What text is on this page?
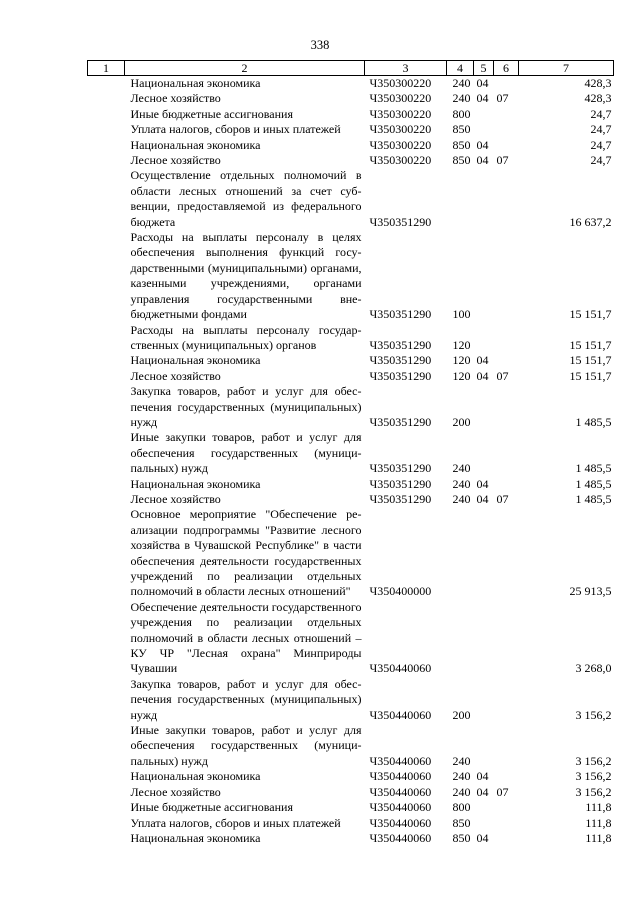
338
1	2	3	4	5	6	7
	Национальная экономика	Ч350300220	240	04		428,3
	Лесное хозяйство	Ч350300220	240	04	07	428,3
	Иные бюджетные ассигнования	Ч350300220	800			24,7
	Уплата налогов, сборов и иных платежей	Ч350300220	850			24,7
	Национальная экономика	Ч350300220	850	04		24,7
	Лесное хозяйство	Ч350300220	850	04	07	24,7
	Осуществление отдельных полномочий в области лесных отношений за счет субвенции, предоставляемой из федерального бюджета	Ч350351290				16 637,2
	Расходы на выплаты персоналу в целях обеспечения выполнения функций государственными (муниципальными) органами, казенными учреждениями, органами управления государственными внебюджетными фондами	Ч350351290	100			15 151,7
	Расходы на выплаты персоналу государственных (муниципальных) органов	Ч350351290	120			15 151,7
	Национальная экономика	Ч350351290	120	04		15 151,7
	Лесное хозяйство	Ч350351290	120	04	07	15 151,7
	Закупка товаров, работ и услуг для обеспечения государственных (муниципальных) нужд	Ч350351290	200			1 485,5
	Иные закупки товаров, работ и услуг для обеспечения государственных (муниципальных) нужд	Ч350351290	240			1 485,5
	Национальная экономика	Ч350351290	240	04		1 485,5
	Лесное хозяйство	Ч350351290	240	04	07	1 485,5
	Основное мероприятие "Обеспечение реализации подпрограммы "Развитие лесного хозяйства в Чувашской Республике" в части обеспечения деятельности государственных учреждений по реализации отдельных полномочий в области лесных отношений"	Ч350400000				25 913,5
	Обеспечение деятельности государственного учреждения по реализации отдельных полномочий в области лесных отношений – КУ ЧР "Лесная охрана" Минприроды Чувашии	Ч350440060				3 268,0
	Закупка товаров, работ и услуг для обеспечения государственных (муниципальных) нужд	Ч350440060	200			3 156,2
	Иные закупки товаров, работ и услуг для обеспечения государственных (муниципальных) нужд	Ч350440060	240			3 156,2
	Национальная экономика	Ч350440060	240	04		3 156,2
	Лесное хозяйство	Ч350440060	240	04	07	3 156,2
	Иные бюджетные ассигнования	Ч350440060	800			111,8
	Уплата налогов, сборов и иных платежей	Ч350440060	850			111,8
	Национальная экономика	Ч350440060	850	04		111,8
